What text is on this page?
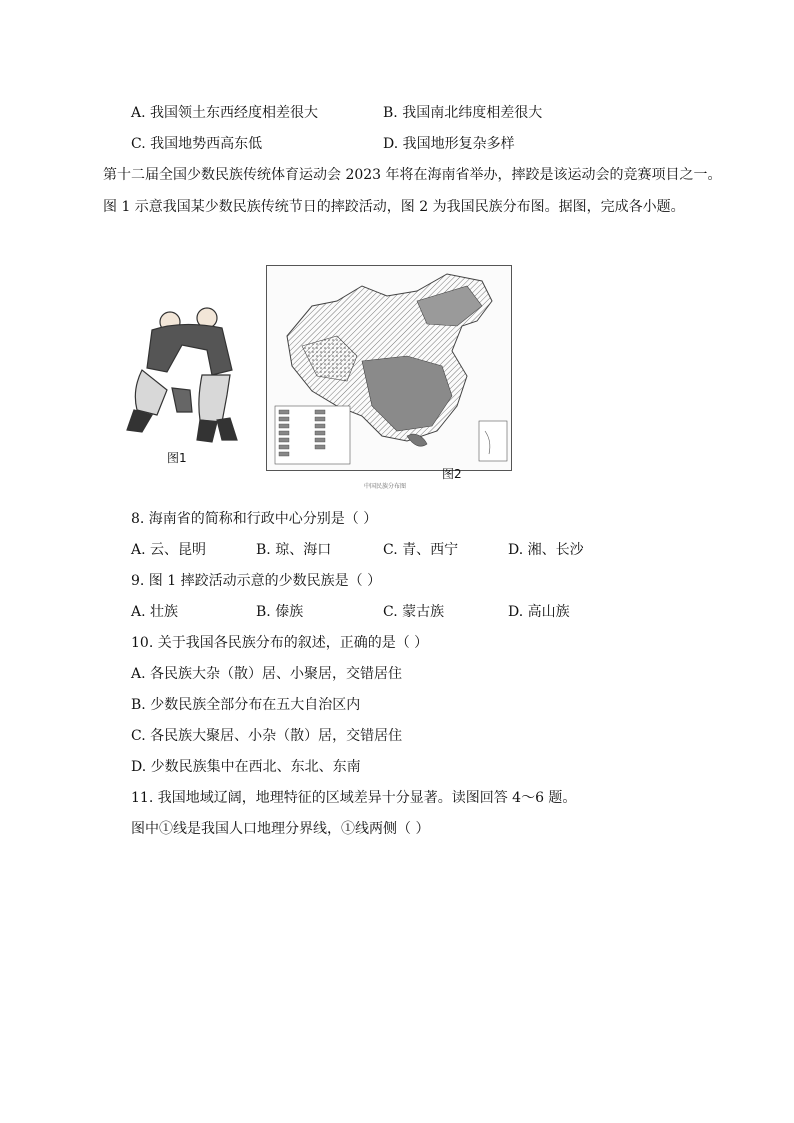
A. 我国领土东西经度相差很大	B. 我国南北纬度相差很大
C. 我国地势西高东低	D. 我国地形复杂多样
第十二届全国少数民族传统体育运动会 2023 年将在海南省举办，摔跤是该运动会的竞赛项目之一。
图 1 示意我国某少数民族传统节日的摔跤活动，图 2 为我国民族分布图。据图，完成各小题。
图1
图2
中国民族分布图
8. 海南省的简称和行政中心分别是（ ）
A. 云、昆明	B. 琼、海口	C. 青、西宁	D. 湘、长沙
9. 图 1 摔跤活动示意的少数民族是（ ）
A. 壮族	B. 傣族	C. 蒙古族	D. 高山族
10. 关于我国各民族分布的叙述，正确的是（ ）
A. 各民族大杂（散）居、小聚居，交错居住
B. 少数民族全部分布在五大自治区内
C. 各民族大聚居、小杂（散）居，交错居住
D. 少数民族集中在西北、东北、东南
11. 我国地域辽阔，地理特征的区域差异十分显著。读图回答 4～6 题。
图中①线是我国人口地理分界线，①线两侧（ ）
